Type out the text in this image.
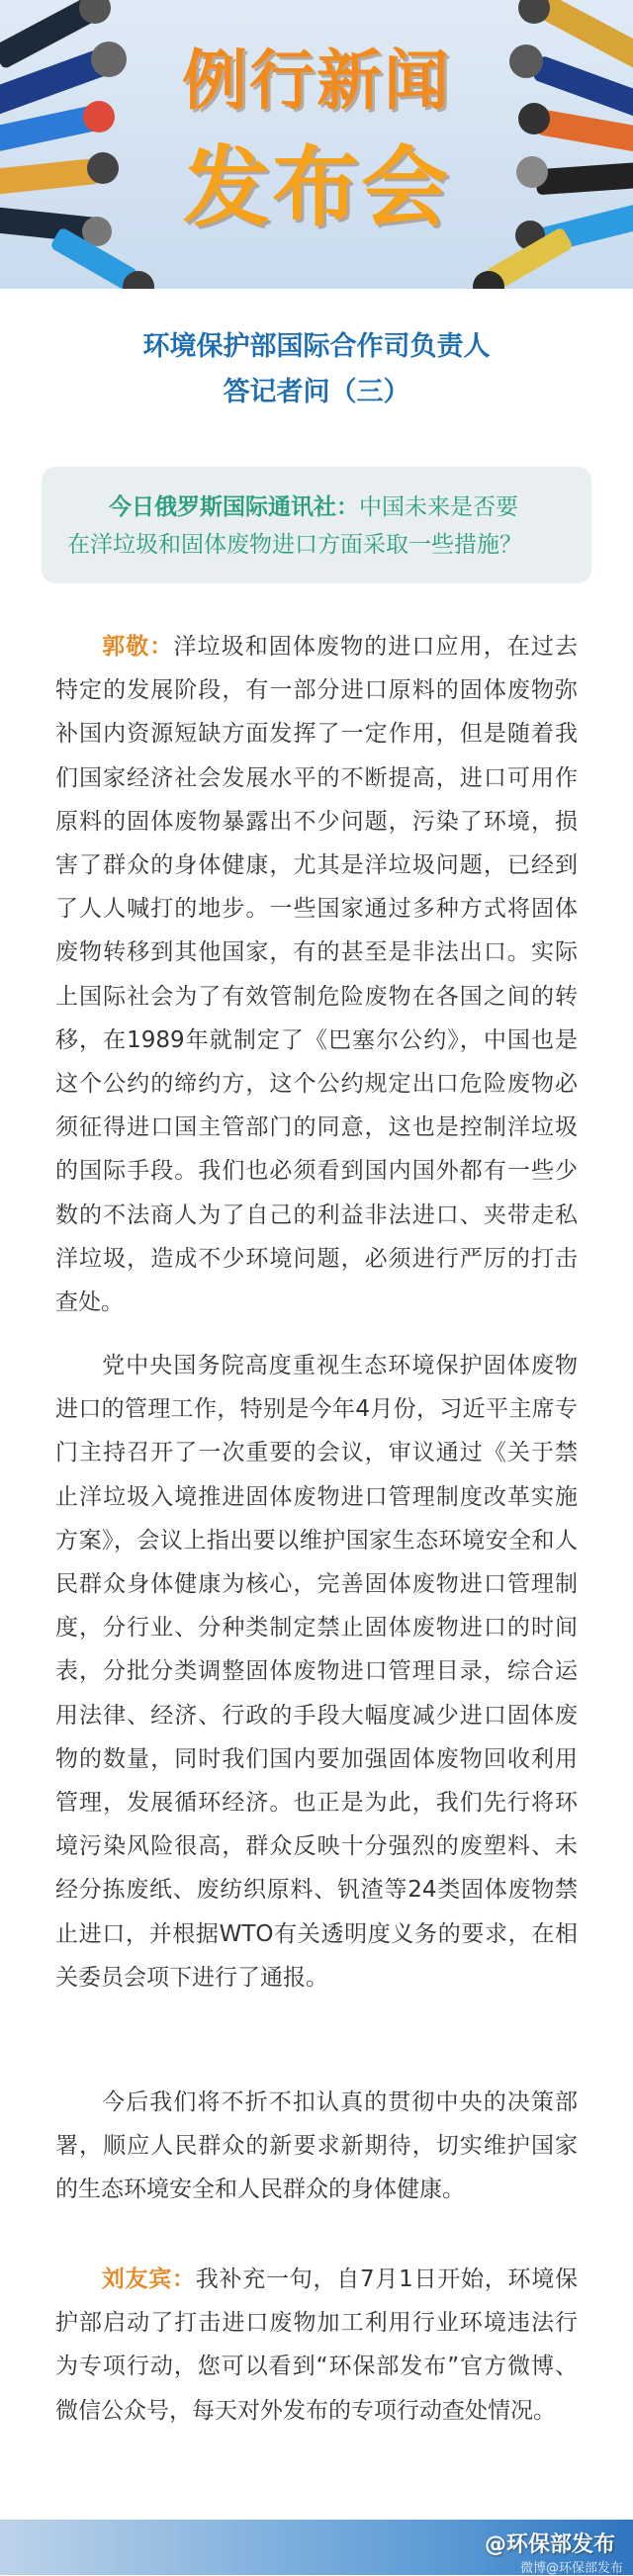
例行新闻
发布会
环境保护部国际合作司负责人
答记者问（三）
今日俄罗斯国际通讯社：中国未来是否要
在洋垃圾和固体废物进口方面采取一些措施？

  郭敬：洋垃圾和固体废物的进口应用，在过去特定的发展阶段，有一部分进口原料的固体废物弥补国内资源短缺方面发挥了一定作用，但是随着我们国家经济社会发展水平的不断提高，进口可用作原料的固体废物暴露出不少问题，污染了环境，损害了群众的身体健康，尤其是洋垃圾问题，已经到了人人喊打的地步。一些国家通过多种方式将固体废物转移到其他国家，有的甚至是非法出口。实际上国际社会为了有效管制危险废物在各国之间的转移，在1989年就制定了《巴塞尔公约》，中国也是这个公约的缔约方，这个公约规定出口危险废物必须征得进口国主管部门的同意，这也是控制洋垃圾的国际手段。我们也必须看到国内国外都有一些少数的不法商人为了自己的利益非法进口、夹带走私洋垃圾，造成不少环境问题，必须进行严厉的打击查处。

  党中央国务院高度重视生态环境保护固体废物进口的管理工作，特别是今年4月份，习近平主席专门主持召开了一次重要的会议，审议通过《关于禁止洋垃圾入境推进固体废物进口管理制度改革实施方案》，会议上指出要以维护国家生态环境安全和人民群众身体健康为核心，完善固体废物进口管理制度，分行业、分种类制定禁止固体废物进口的时间表，分批分类调整固体废物进口管理目录，综合运用法律、经济、行政的手段大幅度减少进口固体废物的数量，同时我们国内要加强固体废物回收利用管理，发展循环经济。也正是为此，我们先行将环境污染风险很高，群众反映十分强烈的废塑料、未经分拣废纸、废纺织原料、钒渣等24类固体废物禁止进口，并根据WTO有关透明度义务的要求，在相关委员会项下进行了通报。

  今后我们将不折不扣认真的贯彻中央的决策部署，顺应人民群众的新要求新期待，切实维护国家的生态环境安全和人民群众的身体健康。

  刘友宾：我补充一句，自7月1日开始，环境保护部启动了打击进口废物加工利用行业环境违法行为专项行动，您可以看到“环保部发布”官方微博、微信公众号，每天对外发布的专项行动查处情况。

@环保部发布
微博@环保部发布
